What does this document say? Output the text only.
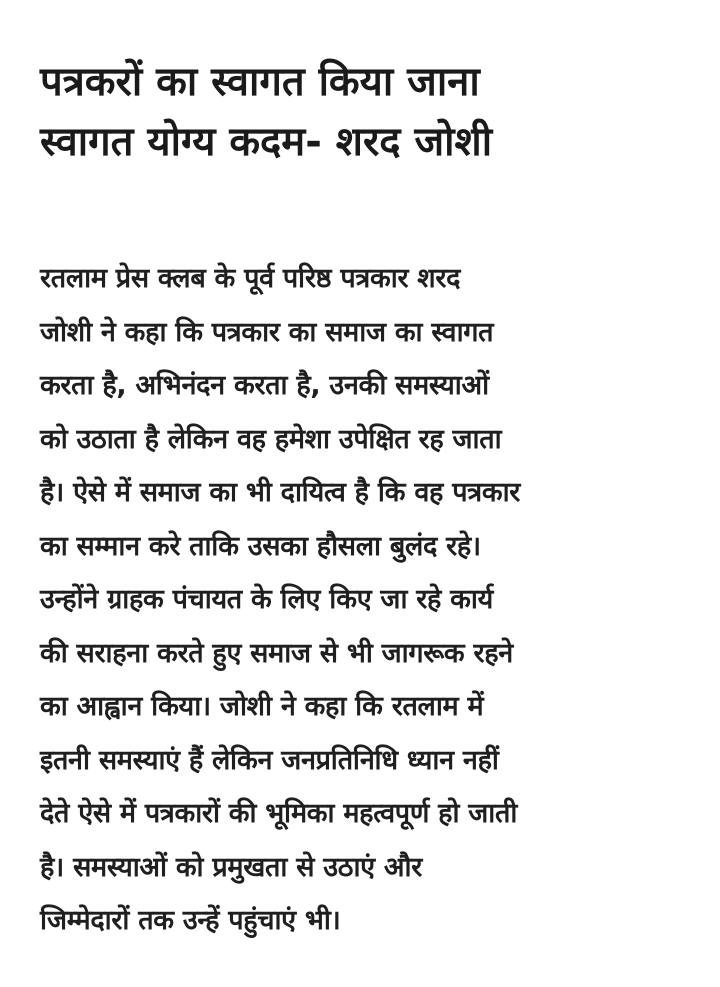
पत्रकरों का स्वागत किया जाना
स्वागत योग्य कदम- शरद जोशी
रतलाम प्रेस क्लब के पूर्व परिष्ठ पत्रकार शरद
जोशी ने कहा कि पत्रकार का समाज का स्वागत
करता है, अभिनंदन करता है, उनकी समस्याओं
को उठाता है लेकिन वह हमेशा उपेक्षित रह जाता
है। ऐसे में समाज का भी दायित्व है कि वह पत्रकार
का सम्मान करे ताकि उसका हौसला बुलंद रहे।
उन्होंने ग्राहक पंचायत के लिए किए जा रहे कार्य
की सराहना करते हुए समाज से भी जागरूक रहने
का आह्वान किया। जोशी ने कहा कि रतलाम में
इतनी समस्याएं हैं लेकिन जनप्रतिनिधि ध्यान नहीं
देते ऐसे में पत्रकारों की भूमिका महत्वपूर्ण हो जाती
है। समस्याओं को प्रमुखता से उठाएं और
जिम्मेदारों तक उन्हें पहुंचाएं भी।
